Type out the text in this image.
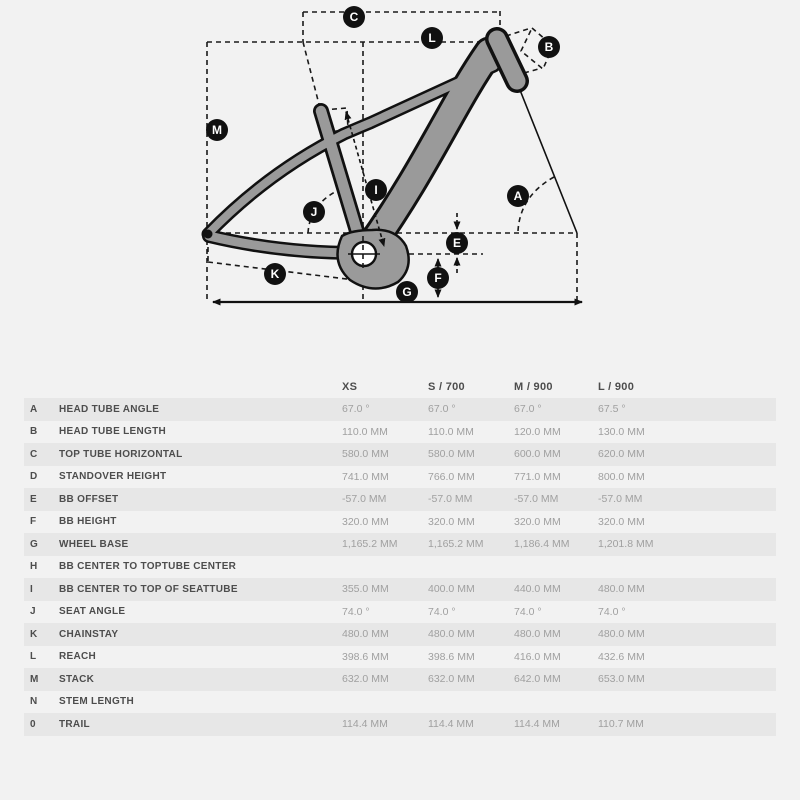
A
B
C
E
F
G
I
J
K
L
M
XS	S / 700	M / 900	L / 900
A	HEAD TUBE ANGLE	67.0 °	67.0 °	67.0 °	67.5 °
B	HEAD TUBE LENGTH	110.0 MM	110.0 MM	120.0 MM	130.0 MM
C	TOP TUBE HORIZONTAL	580.0 MM	580.0 MM	600.0 MM	620.0 MM
D	STANDOVER HEIGHT	741.0 MM	766.0 MM	771.0 MM	800.0 MM
E	BB OFFSET	-57.0 MM	-57.0 MM	-57.0 MM	-57.0 MM
F	BB HEIGHT	320.0 MM	320.0 MM	320.0 MM	320.0 MM
G	WHEEL BASE	1,165.2 MM	1,165.2 MM	1,186.4 MM	1,201.8 MM
H	BB CENTER TO TOPTUBE CENTER
I	BB CENTER TO TOP OF SEATTUBE	355.0 MM	400.0 MM	440.0 MM	480.0 MM
J	SEAT ANGLE	74.0 °	74.0 °	74.0 °	74.0 °
K	CHAINSTAY	480.0 MM	480.0 MM	480.0 MM	480.0 MM
L	REACH	398.6 MM	398.6 MM	416.0 MM	432.6 MM
M	STACK	632.0 MM	632.0 MM	642.0 MM	653.0 MM
N	STEM LENGTH
0	TRAIL	114.4 MM	114.4 MM	114.4 MM	110.7 MM
